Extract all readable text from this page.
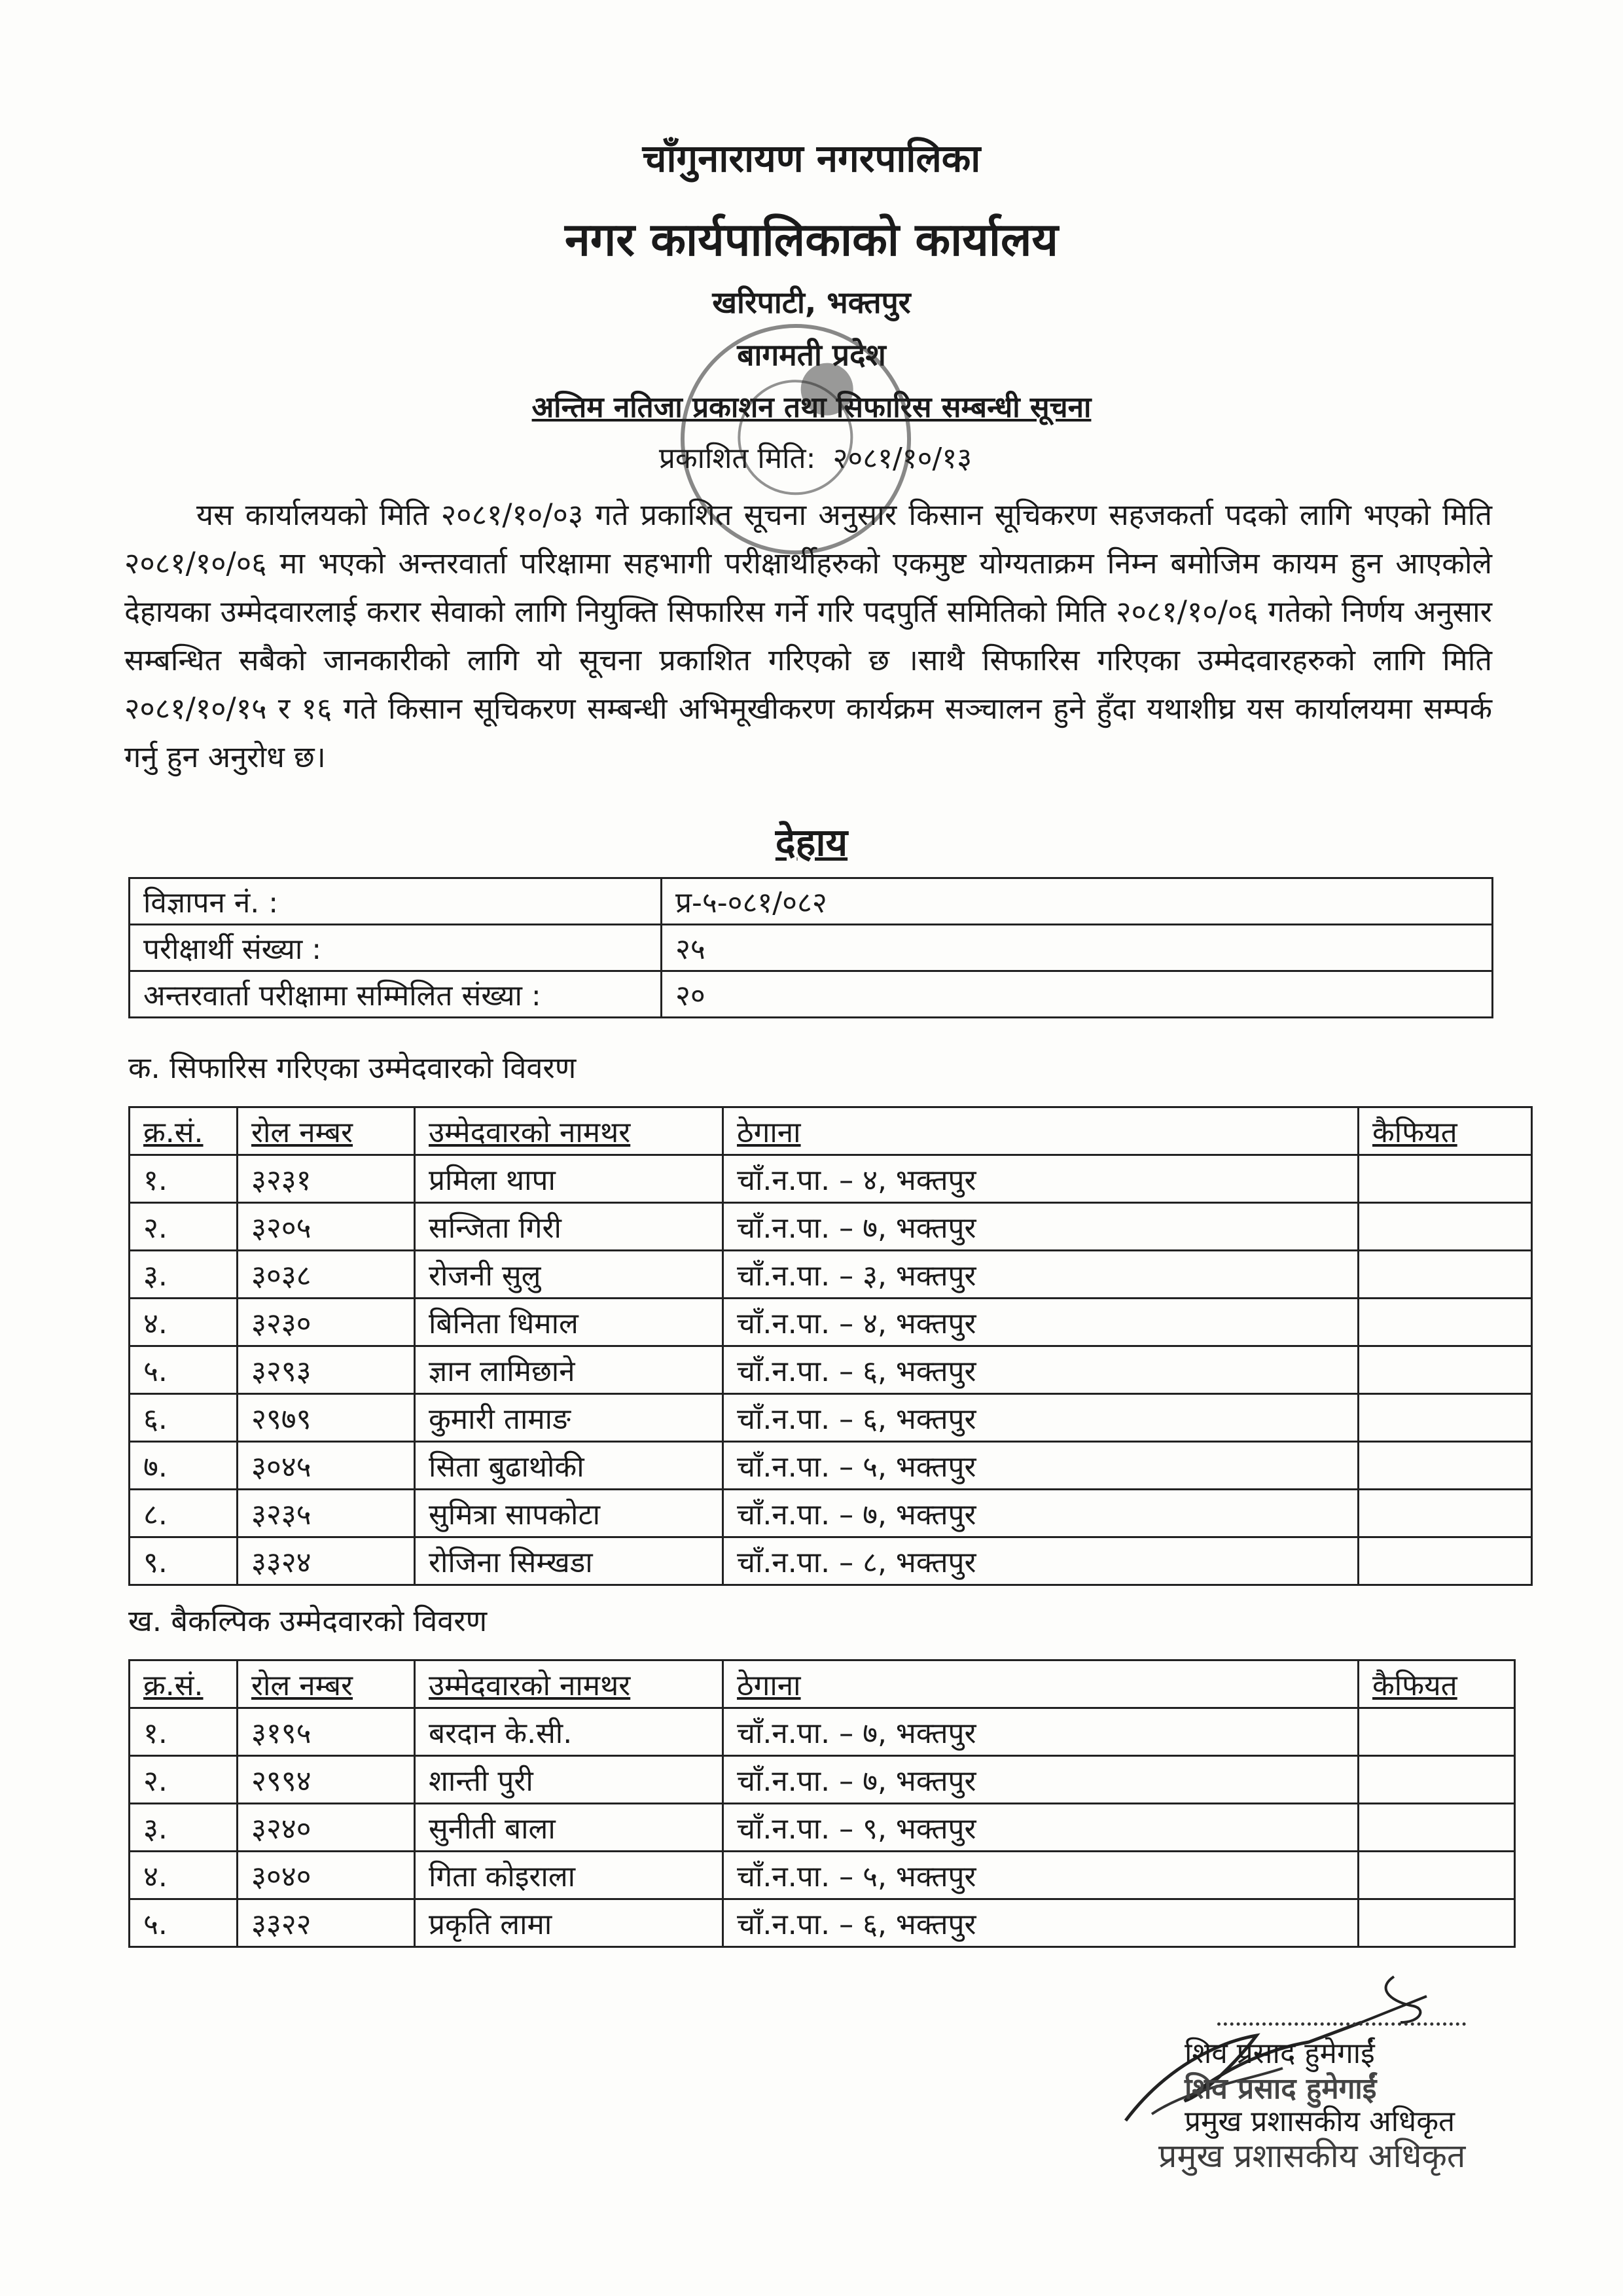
चाँगुनारायण नगरपालिका
नगर कार्यपालिकाको कार्यालय
खरिपाटी, भक्तपुर
बागमती प्रदेश
अन्तिम नतिजा प्रकाशन तथा सिफारिस सम्बन्धी सूचना
प्रकाशित मिति: २०८१/१०/१३
यस कार्यालयको मिति २०८१/१०/०३ गते प्रकाशित सूचना अनुसार किसान सूचिकरण सहजकर्ता पदको लागि भएको मिति २०८१/१०/०६ मा भएको अन्तरवार्ता परिक्षामा सहभागी परीक्षार्थीहरुको एकमुष्ट योग्यताक्रम निम्न बमोजिम कायम हुन आएकोले देहायका उम्मेदवारलाई करार सेवाको लागि नियुक्ति सिफारिस गर्ने गरि पदपुर्ति समितिको मिति २०८१/१०/०६ गतेको निर्णय अनुसार सम्बन्धित सबैको जानकारीको लागि यो सूचना प्रकाशित गरिएको छ ।साथै सिफारिस गरिएका उम्मेदवारहरुको लागि मिति २०८१/१०/१५ र १६ गते किसान सूचिकरण सम्बन्धी अभिमूखीकरण कार्यक्रम सञ्चालन हुने हुँदा यथाशीघ्र यस कार्यालयमा सम्पर्क गर्नु हुन अनुरोध छ।
देहाय
विज्ञापन नं. :	प्र-५-०८१/०८२
परीक्षार्थी संख्या :	२५
अन्तरवार्ता परीक्षामा सम्मिलित संख्या :	२०
क. सिफारिस गरिएका उम्मेदवारको विवरण
क्र.सं.	रोल नम्बर	उम्मेदवारको नामथर	ठेगाना	कैफियत
१.	३२३१	प्रमिला थापा	चाँ.न.पा. – ४, भक्तपुर	
२.	३२०५	सन्जिता गिरी	चाँ.न.पा. – ७, भक्तपुर	
३.	३०३८	रोजनी सुलु	चाँ.न.पा. – ३, भक्तपुर	
४.	३२३०	बिनिता धिमाल	चाँ.न.पा. – ४, भक्तपुर	
५.	३२९३	ज्ञान लामिछाने	चाँ.न.पा. – ६, भक्तपुर	
६.	२९७९	कुमारी तामाङ	चाँ.न.पा. – ६, भक्तपुर	
७.	३०४५	सिता बुढाथोकी	चाँ.न.पा. – ५, भक्तपुर	
८.	३२३५	सुमित्रा सापकोटा	चाँ.न.पा. – ७, भक्तपुर	
९.	३३२४	रोजिना सिम्खडा	चाँ.न.पा. – ८, भक्तपुर	
ख. बैकल्पिक उम्मेदवारको विवरण
क्र.सं.	रोल नम्बर	उम्मेदवारको नामथर	ठेगाना	कैफियत
१.	३१९५	बरदान के.सी.	चाँ.न.पा. – ७, भक्तपुर	
२.	२९९४	शान्ती पुरी	चाँ.न.पा. – ७, भक्तपुर	
३.	३२४०	सुनीती बाला	चाँ.न.पा. – ९, भक्तपुर	
४.	३०४०	गिता कोइराला	चाँ.न.पा. – ५, भक्तपुर	
५.	३३२२	प्रकृति लामा	चाँ.न.पा. – ६, भक्तपुर	
शिव प्रसाद हुमेगाईं
शिव प्रसाद हुमेगाईं
प्रमुख प्रशासकीय अधिकृत
प्रमुख प्रशासकीय अधिकृत
